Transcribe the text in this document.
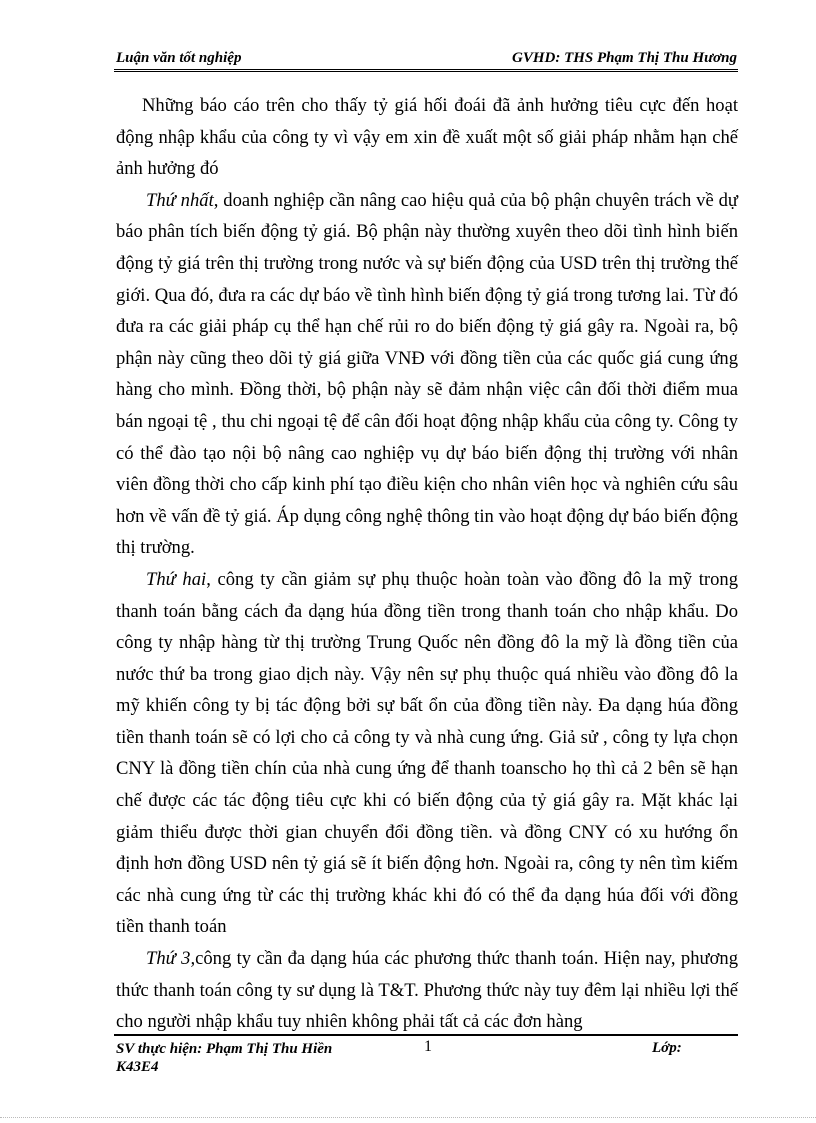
Luận văn tốt nghiệp	GVHD: THS Phạm Thị Thu Hương

Những báo cáo trên cho thấy tỷ giá hối đoái đã ảnh hưởng tiêu cực đến hoạt động nhập khẩu của công ty vì vậy em xin đề xuất một số giải pháp nhằm hạn chế ảnh hưởng đó

Thứ nhất, doanh nghiệp cần nâng cao hiệu quả của bộ phận chuyên trách về dự báo phân tích biến động tỷ giá. Bộ phận này thường xuyên theo dõi tình hình biến động tỷ giá trên thị trường trong nước và sự biến động của USD trên thị trường thế giới. Qua đó, đưa ra các dự báo về tình hình biến động tỷ giá trong tương lai. Từ đó đưa ra các giải pháp cụ thể hạn chế rủi ro do biến động tỷ giá gây ra. Ngoài ra, bộ phận này cũng theo dõi tỷ giá giữa VNĐ với đồng tiền của các quốc giá cung ứng hàng cho mình. Đồng thời, bộ phận này sẽ đảm nhận việc cân đối thời điểm mua bán ngoại tệ , thu chi ngoại tệ để cân đối hoạt động nhập khẩu của công ty. Công ty có thể đào tạo nội bộ nâng cao nghiệp vụ dự báo biến động thị trường với nhân viên đồng thời cho cấp kinh phí tạo điều kiện cho nhân viên học và nghiên cứu sâu hơn về vấn đề tỷ giá. Áp dụng công nghệ thông tin vào hoạt động dự báo biến động thị trường.

Thứ hai, công ty cần giảm sự phụ thuộc hoàn toàn vào đồng đô la mỹ trong thanh toán bằng cách đa dạng húa đồng tiền trong thanh toán cho nhập khẩu. Do công ty nhập hàng từ thị trường Trung Quốc nên đồng đô la mỹ là đồng tiền của nước thứ ba trong giao dịch này. Vậy nên sự phụ thuộc quá nhiều vào đồng đô la mỹ khiến công ty bị tác động bởi sự bất ổn của đồng tiền này. Đa dạng húa đồng tiền thanh toán sẽ có lợi cho cả công ty và nhà cung ứng. Giả sử , công ty lựa chọn CNY là đồng tiền chín của nhà cung ứng để thanh toanscho họ thì cả 2 bên sẽ hạn chế được các tác động tiêu cực khi có biến động của tỷ giá gây ra. Mặt khác lại giảm thiểu được thời gian chuyển đổi đồng tiền. và đồng CNY có xu hướng ổn định hơn đồng USD nên tỷ giá sẽ ít biến động hơn. Ngoài ra, công ty nên tìm kiếm các nhà cung ứng từ các thị trường khác khi đó có thể đa dạng húa đối với đồng tiền thanh toán

Thứ 3,công ty cần đa dạng húa các phương thức thanh toán. Hiện nay, phương thức thanh toán công ty sư dụng là T&T. Phương thức này tuy đêm lại nhiều lợi thế cho người nhập khẩu tuy nhiên không phải tất cả các đơn hàng

SV thực hiện: Phạm Thị Thu Hiền
K43E4
1	Lớp:
